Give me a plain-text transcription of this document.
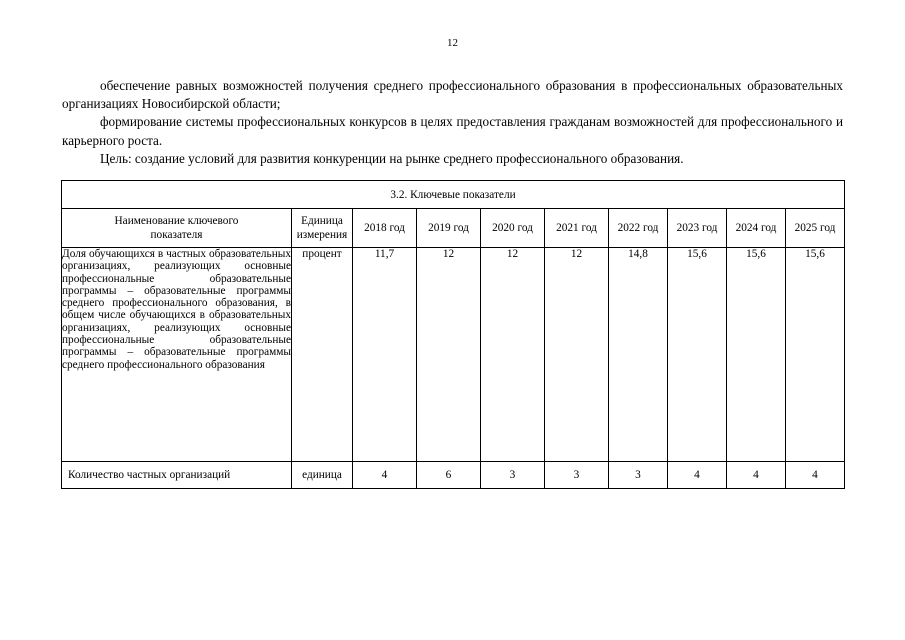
12

обеспечение равных возможностей получения среднего профессионального образования в профессиональных образовательных организациях Новосибирской области;

формирование системы профессиональных конкурсов в целях предоставления гражданам возможностей для профессионального и карьерного роста.

Цель: создание условий для развития конкуренции на рынке среднего профессионального образования.

3.2. Ключевые показатели									
Наименование ключевого показателя	Единица измерения	2018 год	2019 год	2020 год	2021 год	2022 год	2023 год	2024 год	2025 год
Доля обучающихся в частных образовательных организациях, реализующих основные профессиональные образовательные программы – образовательные программы среднего профессионального образования, в общем числе обучающихся в образовательных организациях, реализующих основные профессиональные образовательные программы – образовательные программы среднего профессионального образования	процент	11,7	12	12	12	14,8	15,6	15,6	15,6
Количество частных организаций	единица	4	6	3	3	3	4	4	4
